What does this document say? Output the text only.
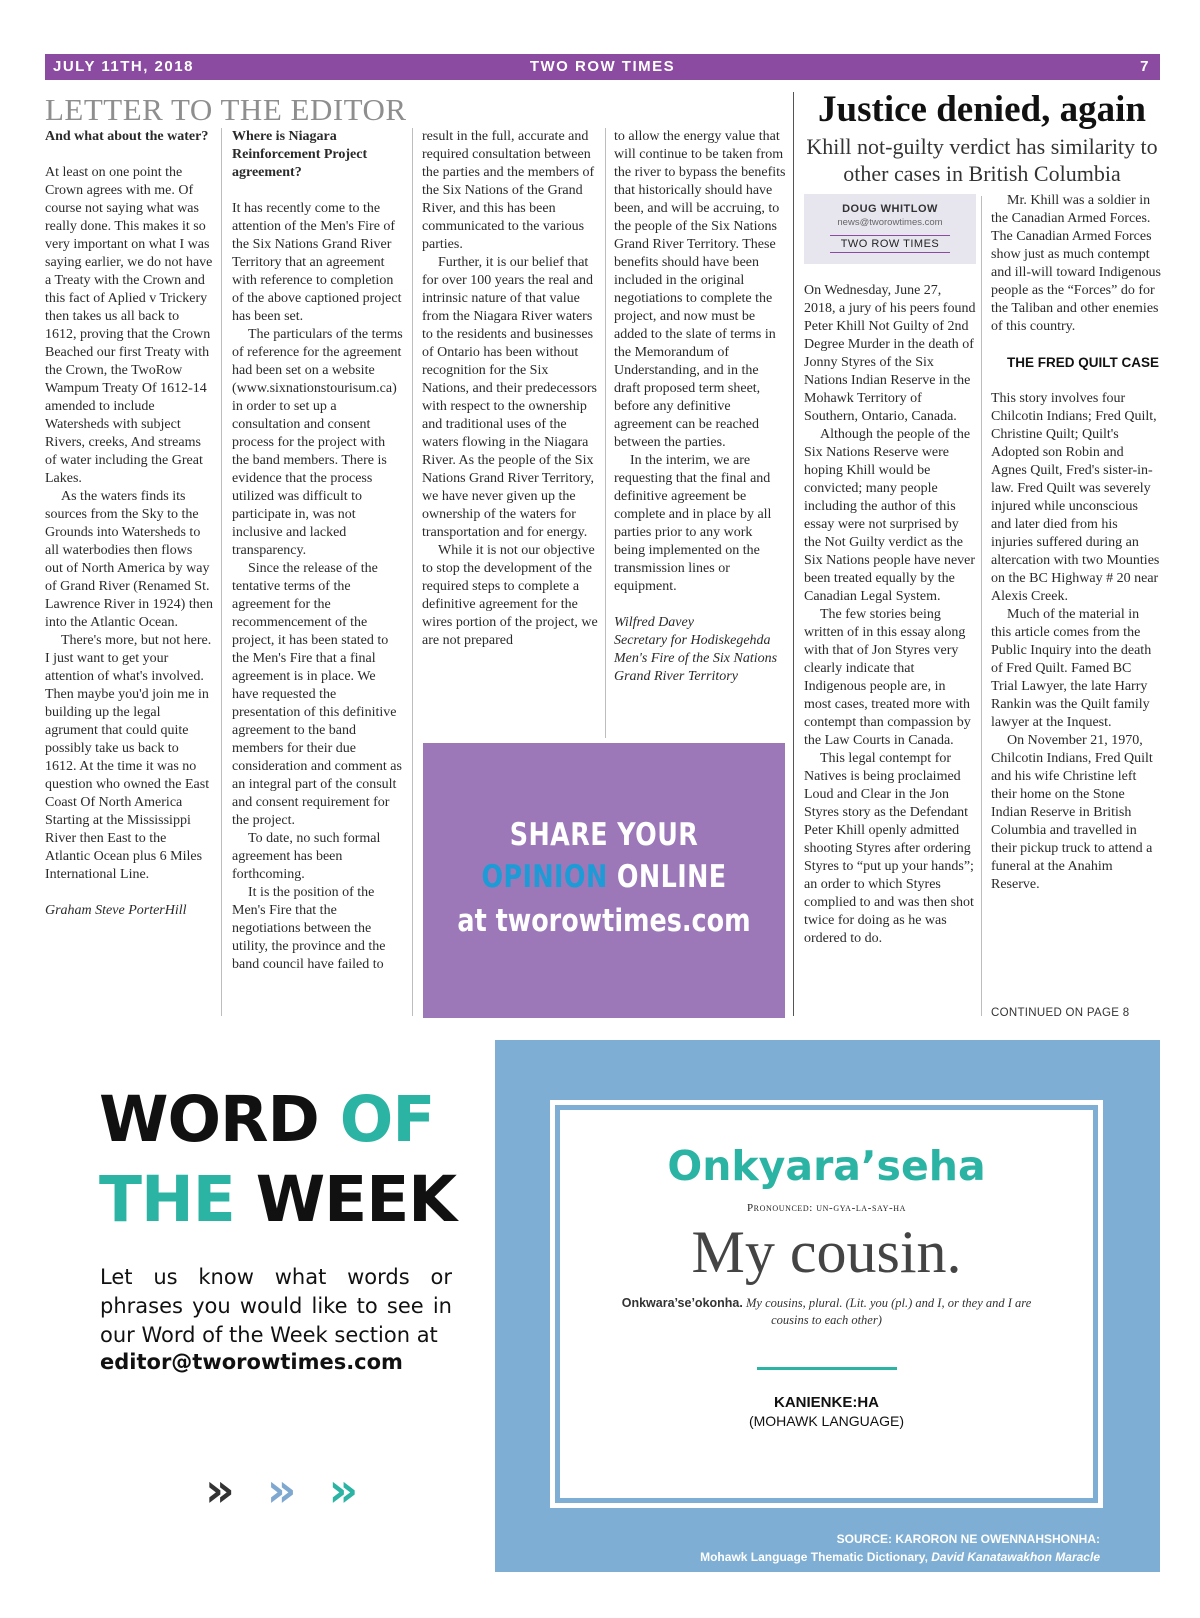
JULY 11TH, 2018	TWO ROW TIMES	7
LETTER TO THE EDITOR

And what about the water?

At least on one point the Crown agrees with me. Of course not saying what was really done. This makes it so very important on what I was saying earlier, we do not have a Treaty with the Crown and this fact of Aplied v Trickery then takes us all back to 1612, proving that the Crown Beached our first Treaty with the Crown, the TwoRow Wampum Treaty Of 1612-14 amended to include Watersheds with subject Rivers, creeks, And streams of water including the Great Lakes.

As the waters finds its sources from the Sky to the Grounds into Watersheds to all waterbodies then flows out of North America by way of Grand River (Renamed St. Lawrence River in 1924) then into the Atlantic Ocean.

There's more, but not here. I just want to get your attention of what's involved. Then maybe you'd join me in building up the legal agrument that could quite possibly take us back to 1612. At the time it was no question who owned the East Coast Of North America Starting at the Mississippi River then East to the Atlantic Ocean plus 6 Miles International Line.

Graham Steve PorterHill

Where is Niagara Reinforcement Project agreement?

It has recently come to the attention of the Men's Fire of the Six Nations Grand River Territory that an agreement with reference to completion of the above captioned project has been set.

The particulars of the terms of reference for the agreement had been set on a website (www.sixnationstourisum.ca) in order to set up a consultation and consent process for the project with the band members. There is evidence that the process utilized was difficult to participate in, was not inclusive and lacked transparency.

Since the release of the tentative terms of the agreement for the recommencement of the project, it has been stated to the Men's Fire that a final agreement is in place. We have requested the presentation of this definitive agreement to the band members for their due consideration and comment as an integral part of the consult and consent requirement for the project.

To date, no such formal agreement has been forthcoming.

It is the position of the Men's Fire that the negotiations between the utility, the province and the band council have failed to

result in the full, accurate and required consultation between the parties and the members of the Six Nations of the Grand River, and this has been communicated to the various parties.

Further, it is our belief that for over 100 years the real and intrinsic nature of that value from the Niagara River waters to the residents and businesses of Ontario has been without recognition for the Six Nations, and their predecessors with respect to the ownership and traditional uses of the waters flowing in the Niagara River. As the people of the Six Nations Grand River Territory, we have never given up the ownership of the waters for transportation and for energy.

While it is not our objective to stop the development of the required steps to complete a definitive agreement for the wires portion of the project, we are not prepared

to allow the energy value that will continue to be taken from the river to bypass the benefits that historically should have been, and will be accruing, to the people of the Six Nations Grand River Territory. These benefits should have been included in the original negotiations to complete the project, and now must be added to the slate of terms in the Memorandum of Understanding, and in the draft proposed term sheet, before any definitive agreement can be reached between the parties.

In the interim, we are requesting that the final and definitive agreement be complete and in place by all parties prior to any work being implemented on the transmission lines or equipment.

Wilfred Davey

Secretary for Hodiskegehda

Men's Fire of the Six Nations Grand River Territory

SHARE YOUR
OPINION ONLINE
at tworowtimes.com
Justice denied, again
Khill not-guilty verdict has similarity to other cases in British Columbia
DOUG WHITLOW
news@tworowtimes.com
TWO ROW TIMES

On Wednesday, June 27, 2018, a jury of his peers found Peter Khill Not Guilty of 2nd Degree Murder in the death of Jonny Styres of the Six Nations Indian Reserve in the Mohawk Territory of Southern, Ontario, Canada.

Although the people of the Six Nations Reserve were hoping Khill would be convicted; many people including the author of this essay were not surprised by the Not Guilty verdict as the Six Nations people have never been treated equally by the Canadian Legal System.

The few stories being written of in this essay along with that of Jon Styres very clearly indicate that Indigenous people are, in most cases, treated more with contempt than compassion by the Law Courts in Canada.

This legal contempt for Natives is being proclaimed Loud and Clear in the Jon Styres story as the Defendant Peter Khill openly admitted shooting Styres after ordering Styres to “put up your hands”; an order to which Styres complied to and was then shot twice for doing as he was ordered to do.

Mr. Khill was a soldier in the Canadian Armed Forces. The Canadian Armed Forces show just as much contempt and ill-will toward Indigenous people as the “Forces” do for the Taliban and other enemies of this country.

THE FRED QUILT CASE

This story involves four Chilcotin Indians; Fred Quilt, Christine Quilt; Quilt's Adopted son Robin and Agnes Quilt, Fred's sister-in-law. Fred Quilt was severely injured while unconscious and later died from his injuries suffered during an altercation with two Mounties on the BC Highway # 20 near Alexis Creek.

Much of the material in this article comes from the Public Inquiry into the death of Fred Quilt. Famed BC Trial Lawyer, the late Harry Rankin was the Quilt family lawyer at the Inquest.

On November 21, 1970, Chilcotin Indians, Fred Quilt and his wife Christine left their home on the Stone Indian Reserve in British Columbia and travelled in their pickup truck to attend a funeral at the Anahim Reserve.

CONTINUED ON PAGE 8
WORD OF
THE WEEK
Let us know what words or phrases you would like to see in our Word of the Week section at
editor@tworowtimes.com
» » »
Onkyara’seha
Pronounced: un-gya-la-say-ha
My cousin.
Onkwara’se’okonha. My cousins, plural. (Lit. you (pl.) and I, or they and I are cousins to each other)
KANIENKE:HA
(MOHAWK LANGUAGE)
SOURCE: KARORON NE OWENNAHSHONHA:
Mohawk Language Thematic Dictionary, David Kanatawakhon Maracle
